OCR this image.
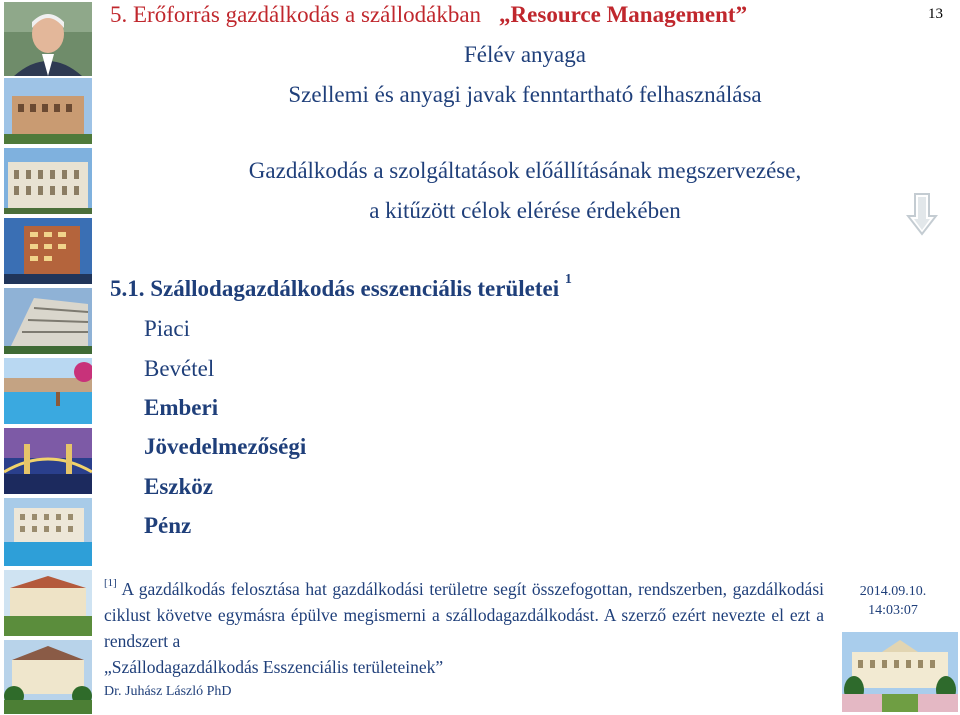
5. Erőforrás gazdálkodás a szállodákban „Resource Management”	13
Félév anyaga
Szellemi és anyagi javak fenntartható felhasználása
Gazdálkodás a szolgáltatások előállításának megszervezése,
a kitűzött célok elérése érdekében
5.1. Szállodagazdálkodás esszenciális területei $^1$
Piaci
Bevétel
Emberi
Jövedelmezőségi
Eszköz
Pénz
[1] A gazdálkodás felosztása hat gazdálkodási területre segít összefogottan, rendszerben, gazdálkodási ciklust követve egymásra épülve megismerni a szállodagazdálkodást. A szerző ezért nevezte el ezt a rendszert a
„Szállodagazdálkodás Esszenciális területeinek”
2014.09.10.
14:03:07
Dr. Juhász László PhD
